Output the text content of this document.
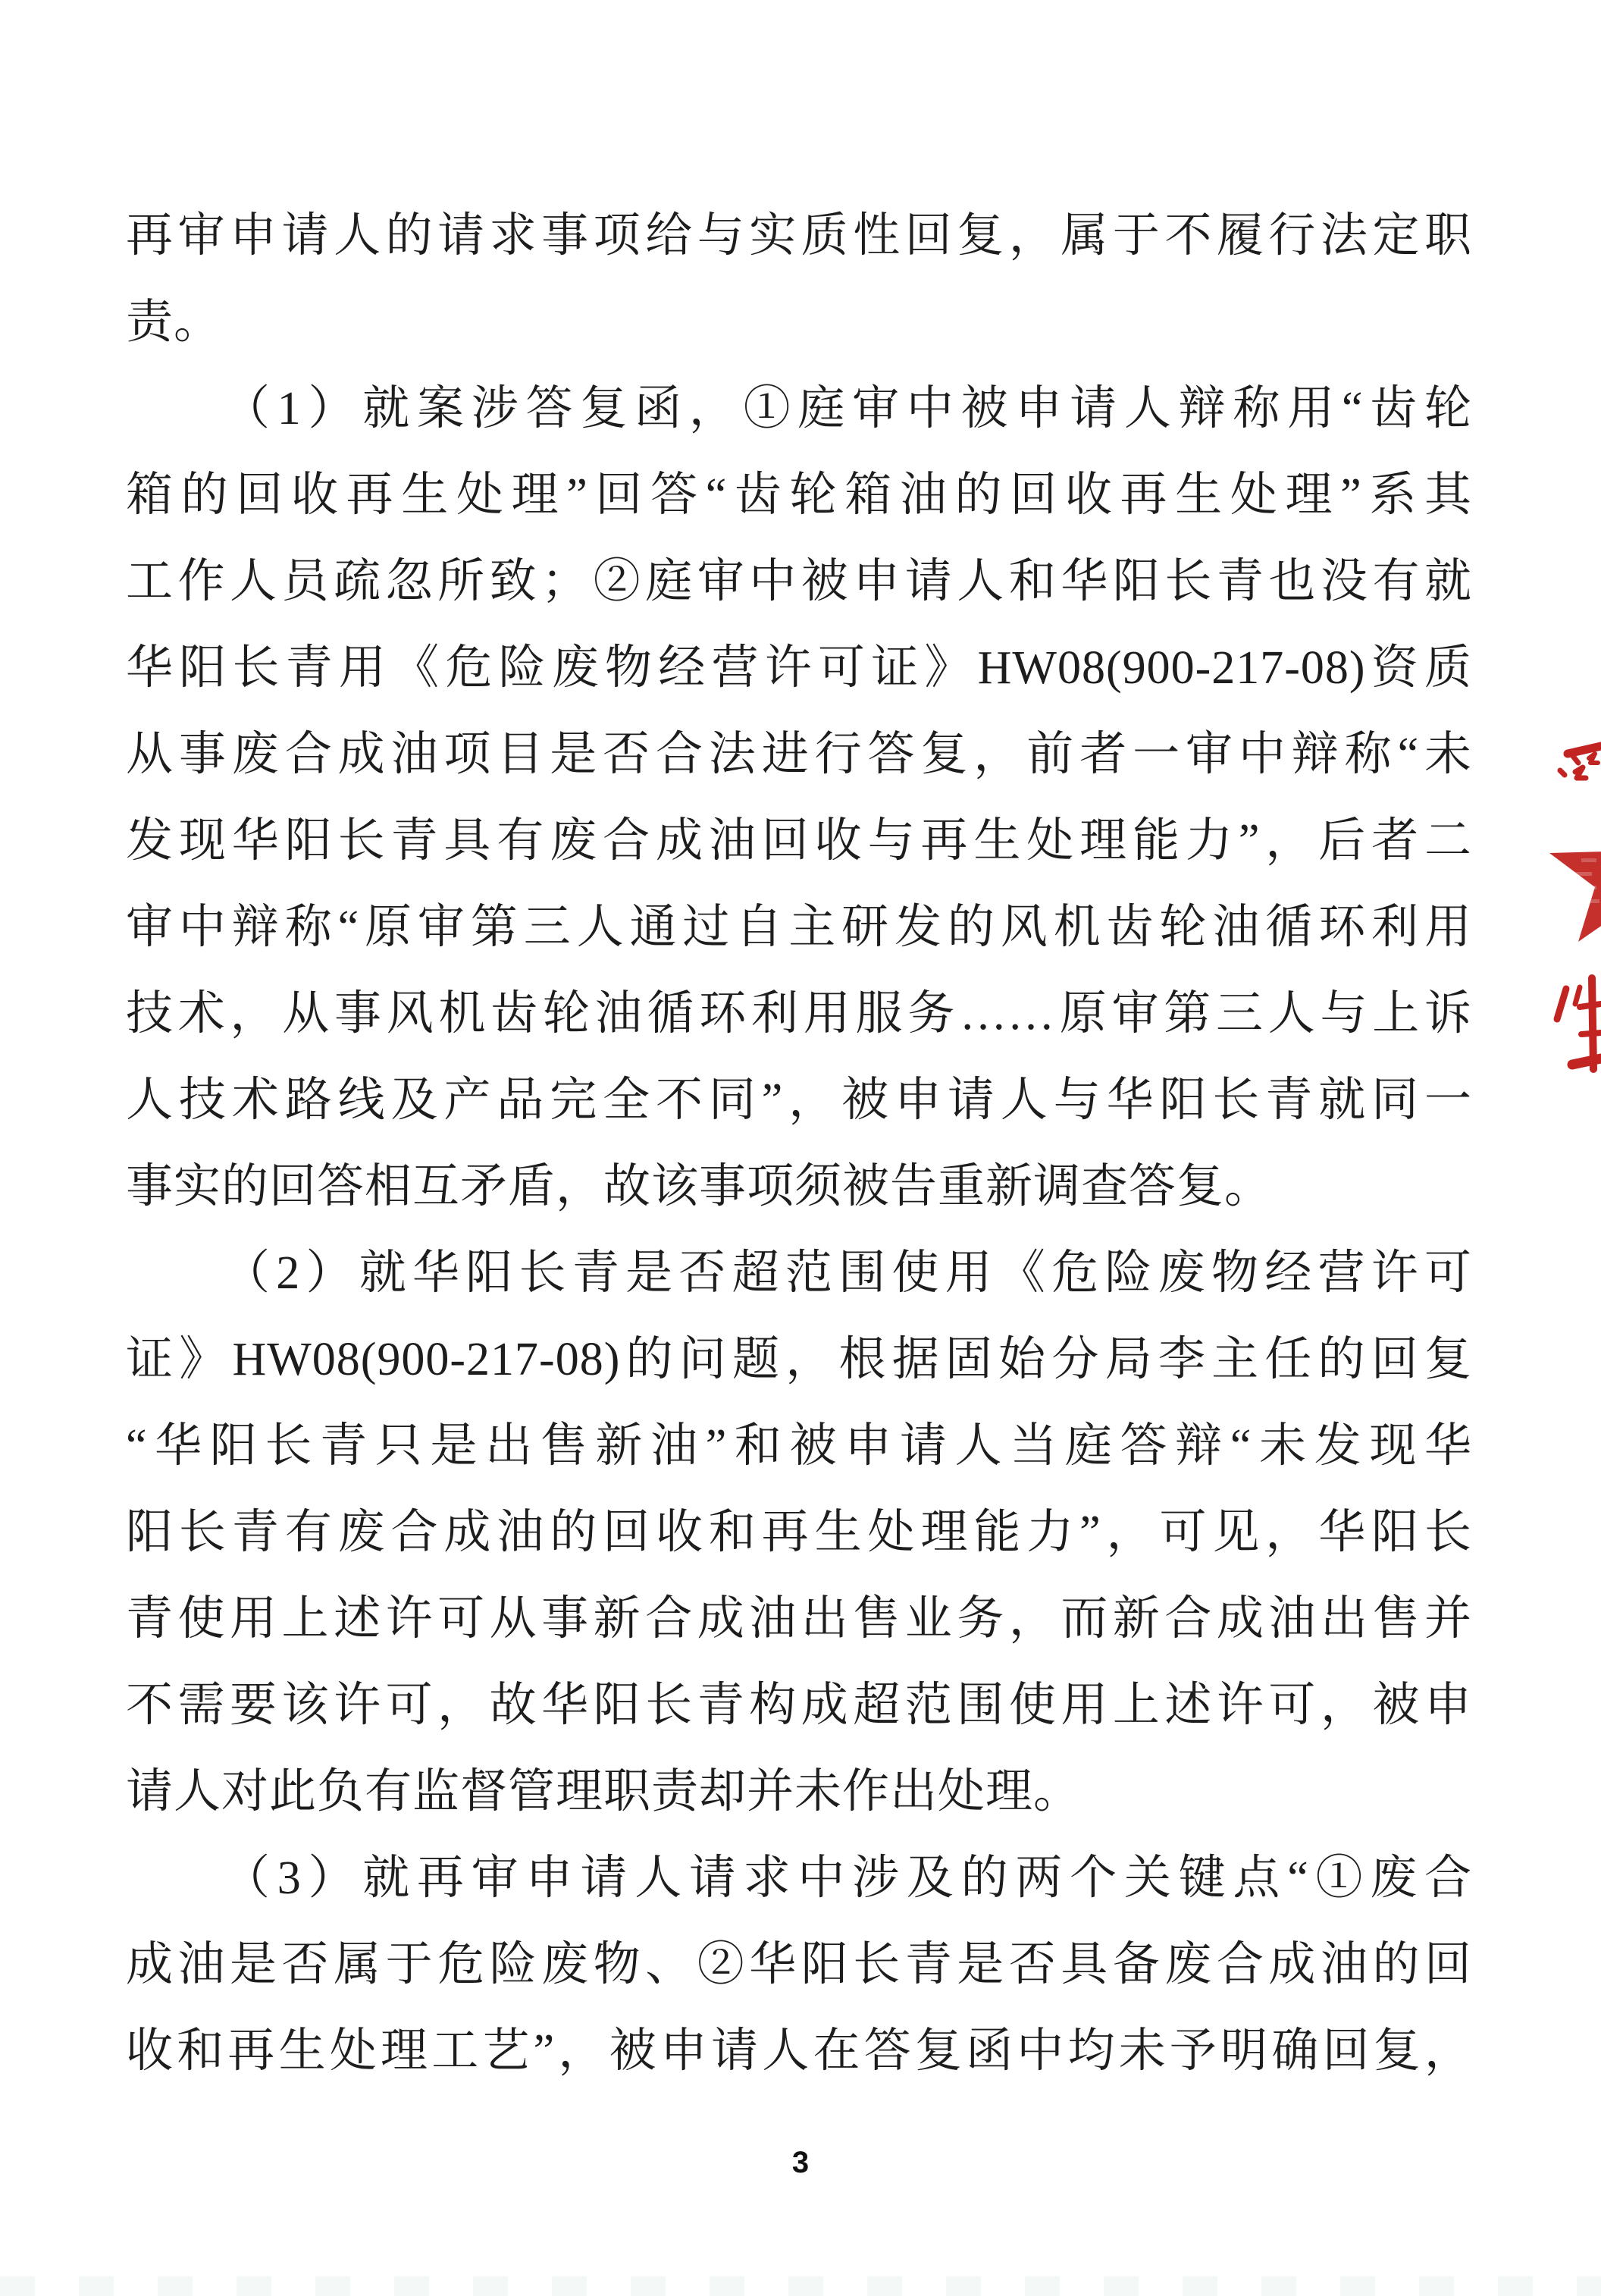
再审申请人的请求事项给与实质性回复，属于不履行法定职
责。
（1）就案涉答复函，①庭审中被申请人辩称用“齿轮
箱的回收再生处理”回答“齿轮箱油的回收再生处理”系其
工作人员疏忽所致；②庭审中被申请人和华阳长青也没有就
华阳长青用《危险废物经营许可证》HW08(900-217-08)资质
从事废合成油项目是否合法进行答复，前者一审中辩称“未
发现华阳长青具有废合成油回收与再生处理能力”，后者二
审中辩称“原审第三人通过自主研发的风机齿轮油循环利用
技术，从事风机齿轮油循环利用服务……原审第三人与上诉
人技术路线及产品完全不同”，被申请人与华阳长青就同一
事实的回答相互矛盾，故该事项须被告重新调查答复。
（2）就华阳长青是否超范围使用《危险废物经营许可
证》HW08(900-217-08)的问题，根据固始分局李主任的回复
“华阳长青只是出售新油”和被申请人当庭答辩“未发现华
阳长青有废合成油的回收和再生处理能力”，可见，华阳长
青使用上述许可从事新合成油出售业务，而新合成油出售并
不需要该许可，故华阳长青构成超范围使用上述许可，被申
请人对此负有监督管理职责却并未作出处理。
（3）就再审申请人请求中涉及的两个关键点“①废合
成油是否属于危险废物、②华阳长青是否具备废合成油的回
收和再生处理工艺”，被申请人在答复函中均未予明确回复，
3
